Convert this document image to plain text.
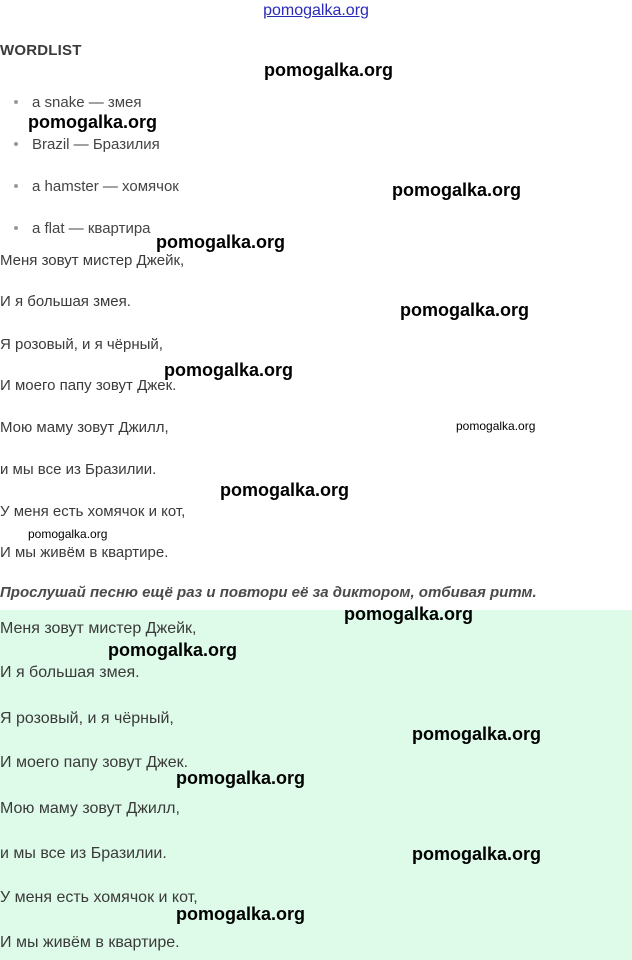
pomogalka.org
WORDLIST
a snake — змея
Brazil — Бразилия
a hamster — хомячок
a flat — квартира
Меня зовут мистер Джейк,
И я большая змея.
Я розовый, и я чёрный,
И моего папу зовут Джек.
Мою маму зовут Джилл,
и мы все из Бразилии.
У меня есть хомячок и кот,
И мы живём в квартире.
Прослушай песню ещё раз и повтори её за диктором, отбивая ритм.
Меня зовут мистер Джейк,
И я большая змея.
Я розовый, и я чёрный,
И моего папу зовут Джек.
Мою маму зовут Джилл,
и мы все из Бразилии.
У меня есть хомячок и кот,
И мы живём в квартире.
pomogalka.org
pomogalka.org
pomogalka.org
pomogalka.org
pomogalka.org
pomogalka.org
pomogalka.org
pomogalka.org
pomogalka.org
pomogalka.org
pomogalka.org
pomogalka.org
pomogalka.org
pomogalka.org
pomogalka.org
